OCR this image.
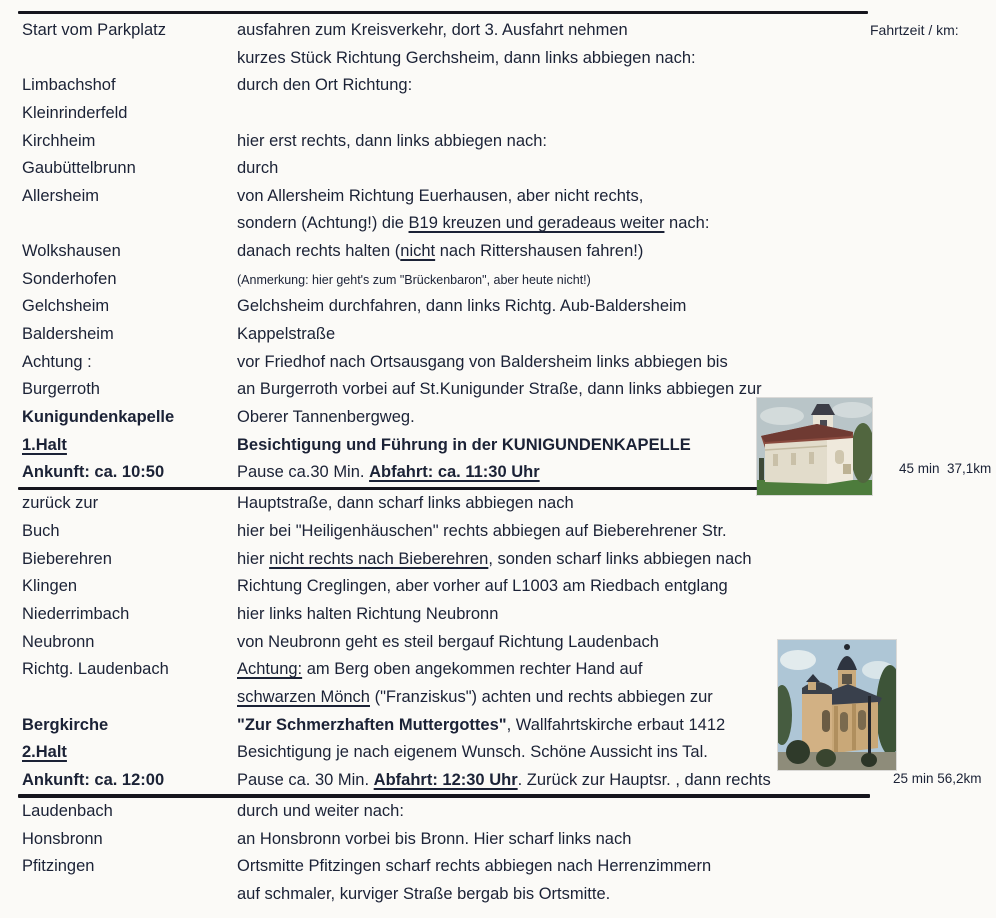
Fahrtzeit / km:
Start vom Parkplatz	ausfahren zum Kreisverkehr, dort 3. Ausfahrt nehmen
kurzes Stück Richtung Gerchsheim, dann links abbiegen nach:
Limbachshof	durch den Ort Richtung:
Kleinrinderfeld
Kirchheim	hier erst rechts, dann links abbiegen nach:
Gaubüttelbrunn	durch
Allersheim	von Allersheim Richtung Euerhausen, aber nicht rechts,
sondern (Achtung!) die B19 kreuzen und geradeaus weiter nach:
Wolkshausen	danach rechts halten (nicht nach Rittershausen fahren!)
Sonderhofen	(Anmerkung: hier geht's zum "Brückenbaron", aber heute nicht!)
Gelchsheim	Gelchsheim durchfahren, dann links Richtg. Aub-Baldersheim
Baldersheim	Kappelstraße
Achtung :	vor Friedhof nach Ortsausgang von Baldersheim links abbiegen bis
Burgerroth	an Burgerroth vorbei auf St.Kunigunder Straße, dann links abbiegen zur
Kunigundenkapelle	Oberer Tannenbergweg.
1.Halt	Besichtigung und Führung in der KUNIGUNDENKAPELLE
Ankunft: ca. 10:50	Pause ca.30 Min. Abfahrt: ca. 11:30 Uhr
zurück zur	Hauptstraße, dann scharf links abbiegen nach
Buch	hier bei "Heiligenhäuschen" rechts abbiegen auf Bieberehrener Str.
Bieberehren	hier nicht rechts nach Bieberehren, sonden scharf links abbiegen nach
Klingen	Richtung Creglingen, aber vorher auf L1003 am Riedbach entglang
Niederrimbach	hier links halten Richtung Neubronn
Neubronn	von Neubronn geht es steil bergauf Richtung Laudenbach
Richtg. Laudenbach	Achtung: am Berg oben angekommen rechter Hand auf
schwarzen Mönch ("Franziskus") achten und rechts abbiegen zur
Bergkirche	"Zur Schmerzhaften Muttergottes", Wallfahrtskirche erbaut 1412
2.Halt	Besichtigung je nach eigenem Wunsch. Schöne Aussicht ins Tal.
Ankunft: ca. 12:00	Pause ca. 30 Min. Abfahrt: 12:30 Uhr. Zurück zur Hauptsr. , dann rechts
Laudenbach	durch und weiter nach:
Honsbronn	an Honsbronn vorbei bis Bronn. Hier scharf links nach
Pfitzingen	Ortsmitte Pfitzingen scharf rechts abbiegen nach Herrenzimmern
auf schmaler, kurviger Straße bergab bis Ortsmitte.
45 min  37,1km
25 min 56,2km
